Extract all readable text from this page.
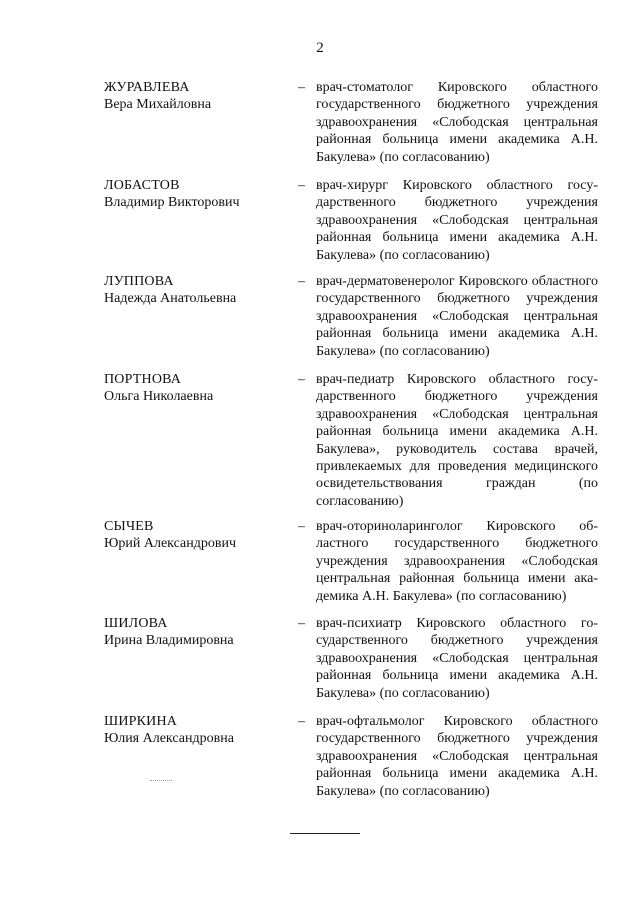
2
ЖУРАВЛЕВА
Вера Михайловна
– врач-стоматолог Кировского областного государственного бюджетного учреждения здравоохранения «Слободская центральная районная больница имени академика А.Н. Бакулева» (по согласованию)
ЛОБАСТОВ
Владимир Викторович
– врач-хирург Кировского областного государственного бюджетного учреждения здравоохранения «Слободская центральная районная больница имени академика А.Н. Бакулева» (по согласованию)
ЛУППОВА
Надежда Анатольевна
– врач-дерматовенеролог Кировского областного государственного бюджетного учреждения здравоохранения «Слободская центральная районная больница имени академика А.Н. Бакулева» (по согласованию)
ПОРТНОВА
Ольга Николаевна
– врач-педиатр Кировского областного государственного бюджетного учреждения здравоохранения «Слободская центральная районная больница имени академика А.Н. Бакулева», руководитель состава врачей, привлекаемых для проведения медицинского освидетельствования граждан (по согласованию)
СЫЧЕВ
Юрий Александрович
– врач-оториноларинголог Кировского областного государственного бюджетного учреждения здравоохранения «Слободская центральная районная больница имени академика А.Н. Бакулева» (по согласованию)
ШИЛОВА
Ирина Владимировна
– врач-психиатр Кировского областного государственного бюджетного учреждения здравоохранения «Слободская центральная районная больница имени академика А.Н. Бакулева» (по согласованию)
ШИРКИНА
Юлия Александровна
– врач-офтальмолог Кировского областного государственного бюджетного учреждения здравоохранения «Слободская центральная районная больница имени академика А.Н. Бакулева» (по согласованию)
